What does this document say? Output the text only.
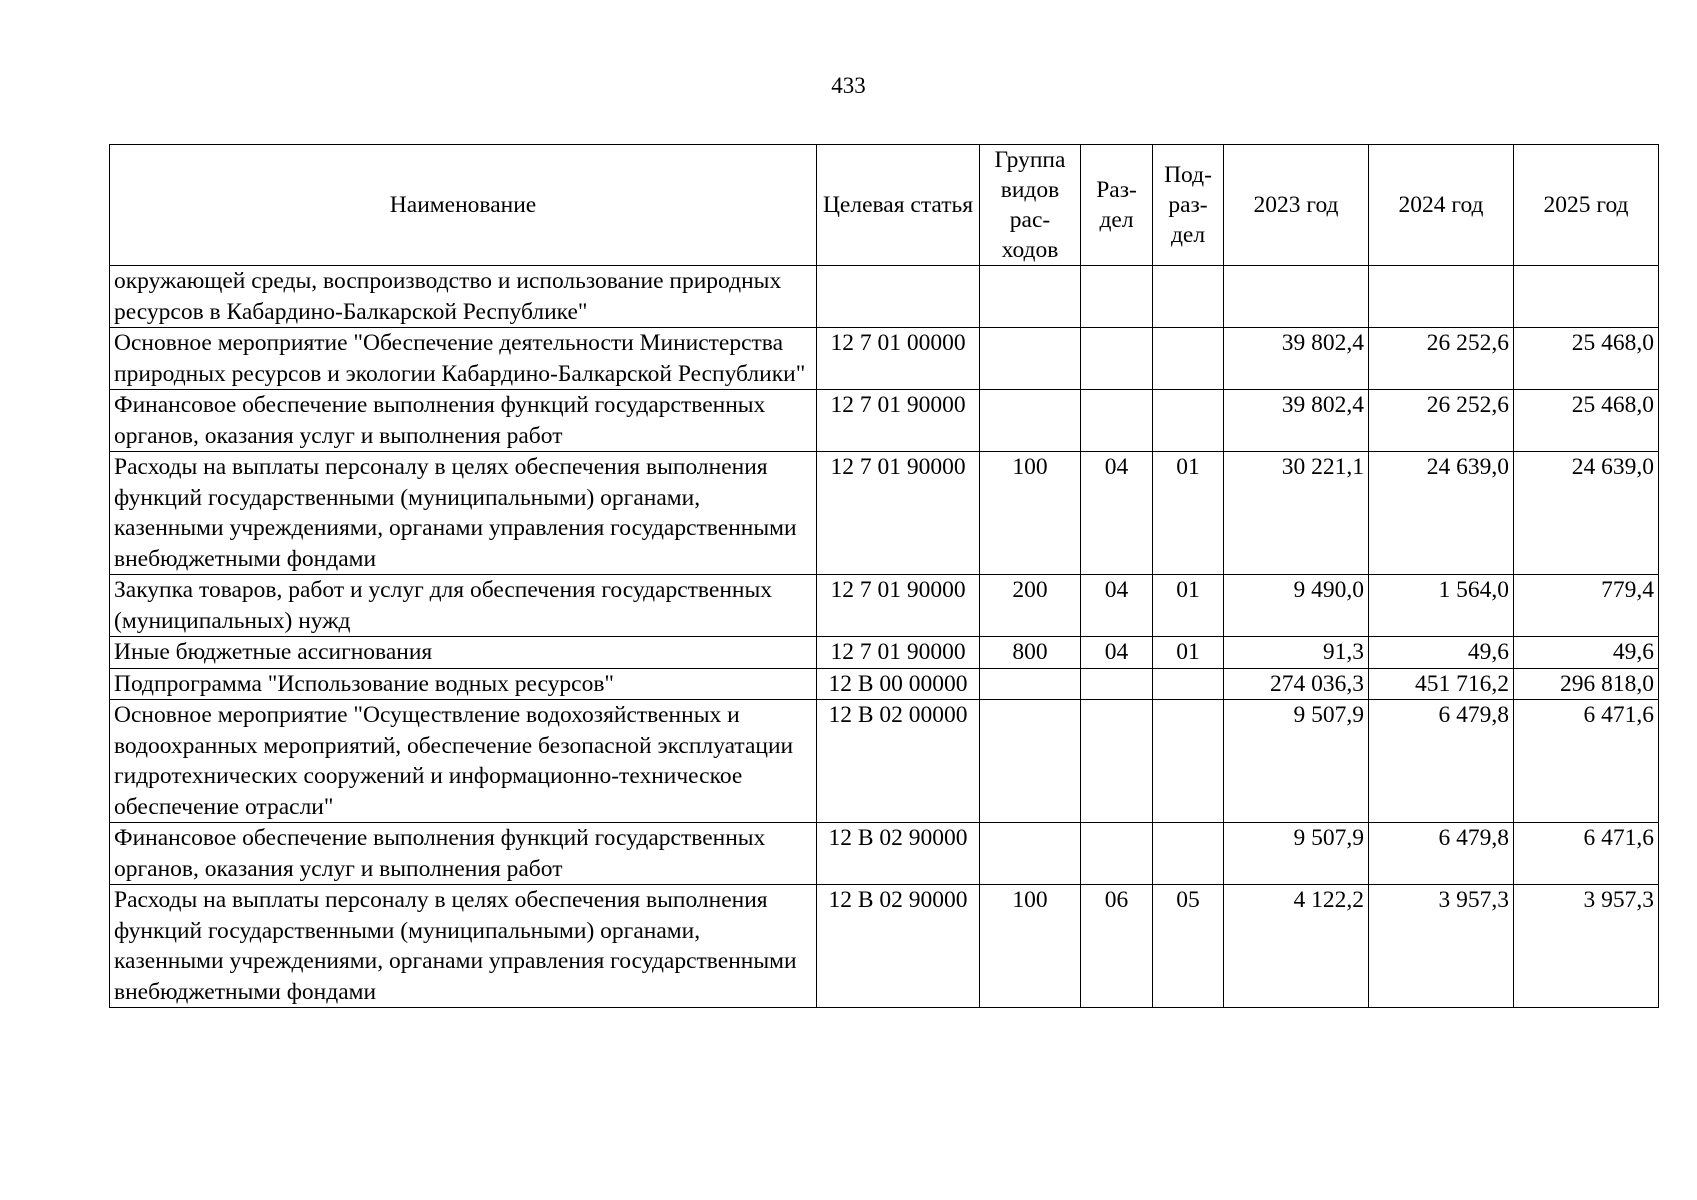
433
Наименование	Целевая статья	Группа видов рас-ходов	Раз-дел	Под-раз-дел	2023 год	2024 год	2025 год
окружающей среды, воспроизводство и использование природных ресурсов в Кабардино-Балкарской Республике"							
Основное мероприятие "Обеспечение деятельности Министерства природных ресурсов и экологии Кабардино-Балкарской Республики"	12 7 01 00000				39 802,4	26 252,6	25 468,0
Финансовое обеспечение выполнения функций государственных органов, оказания услуг и выполнения работ	12 7 01 90000				39 802,4	26 252,6	25 468,0
Расходы на выплаты персоналу в целях обеспечения выполнения функций государственными (муниципальными) органами, казенными учреждениями, органами управления государственными внебюджетными фондами	12 7 01 90000	100	04	01	30 221,1	24 639,0	24 639,0
Закупка товаров, работ и услуг для обеспечения государственных (муниципальных) нужд	12 7 01 90000	200	04	01	9 490,0	1 564,0	779,4
Иные бюджетные ассигнования	12 7 01 90000	800	04	01	91,3	49,6	49,6
Подпрограмма "Использование водных ресурсов"	12 В 00 00000				274 036,3	451 716,2	296 818,0
Основное мероприятие "Осуществление водохозяйственных и водоохранных мероприятий, обеспечение безопасной эксплуатации гидротехнических сооружений и информационно-техническое обеспечение отрасли"	12 В 02 00000				9 507,9	6 479,8	6 471,6
Финансовое обеспечение выполнения функций государственных органов, оказания услуг и выполнения работ	12 В 02 90000				9 507,9	6 479,8	6 471,6
Расходы на выплаты персоналу в целях обеспечения выполнения функций государственными (муниципальными) органами, казенными учреждениями, органами управления государственными внебюджетными фондами	12 В 02 90000	100	06	05	4 122,2	3 957,3	3 957,3
